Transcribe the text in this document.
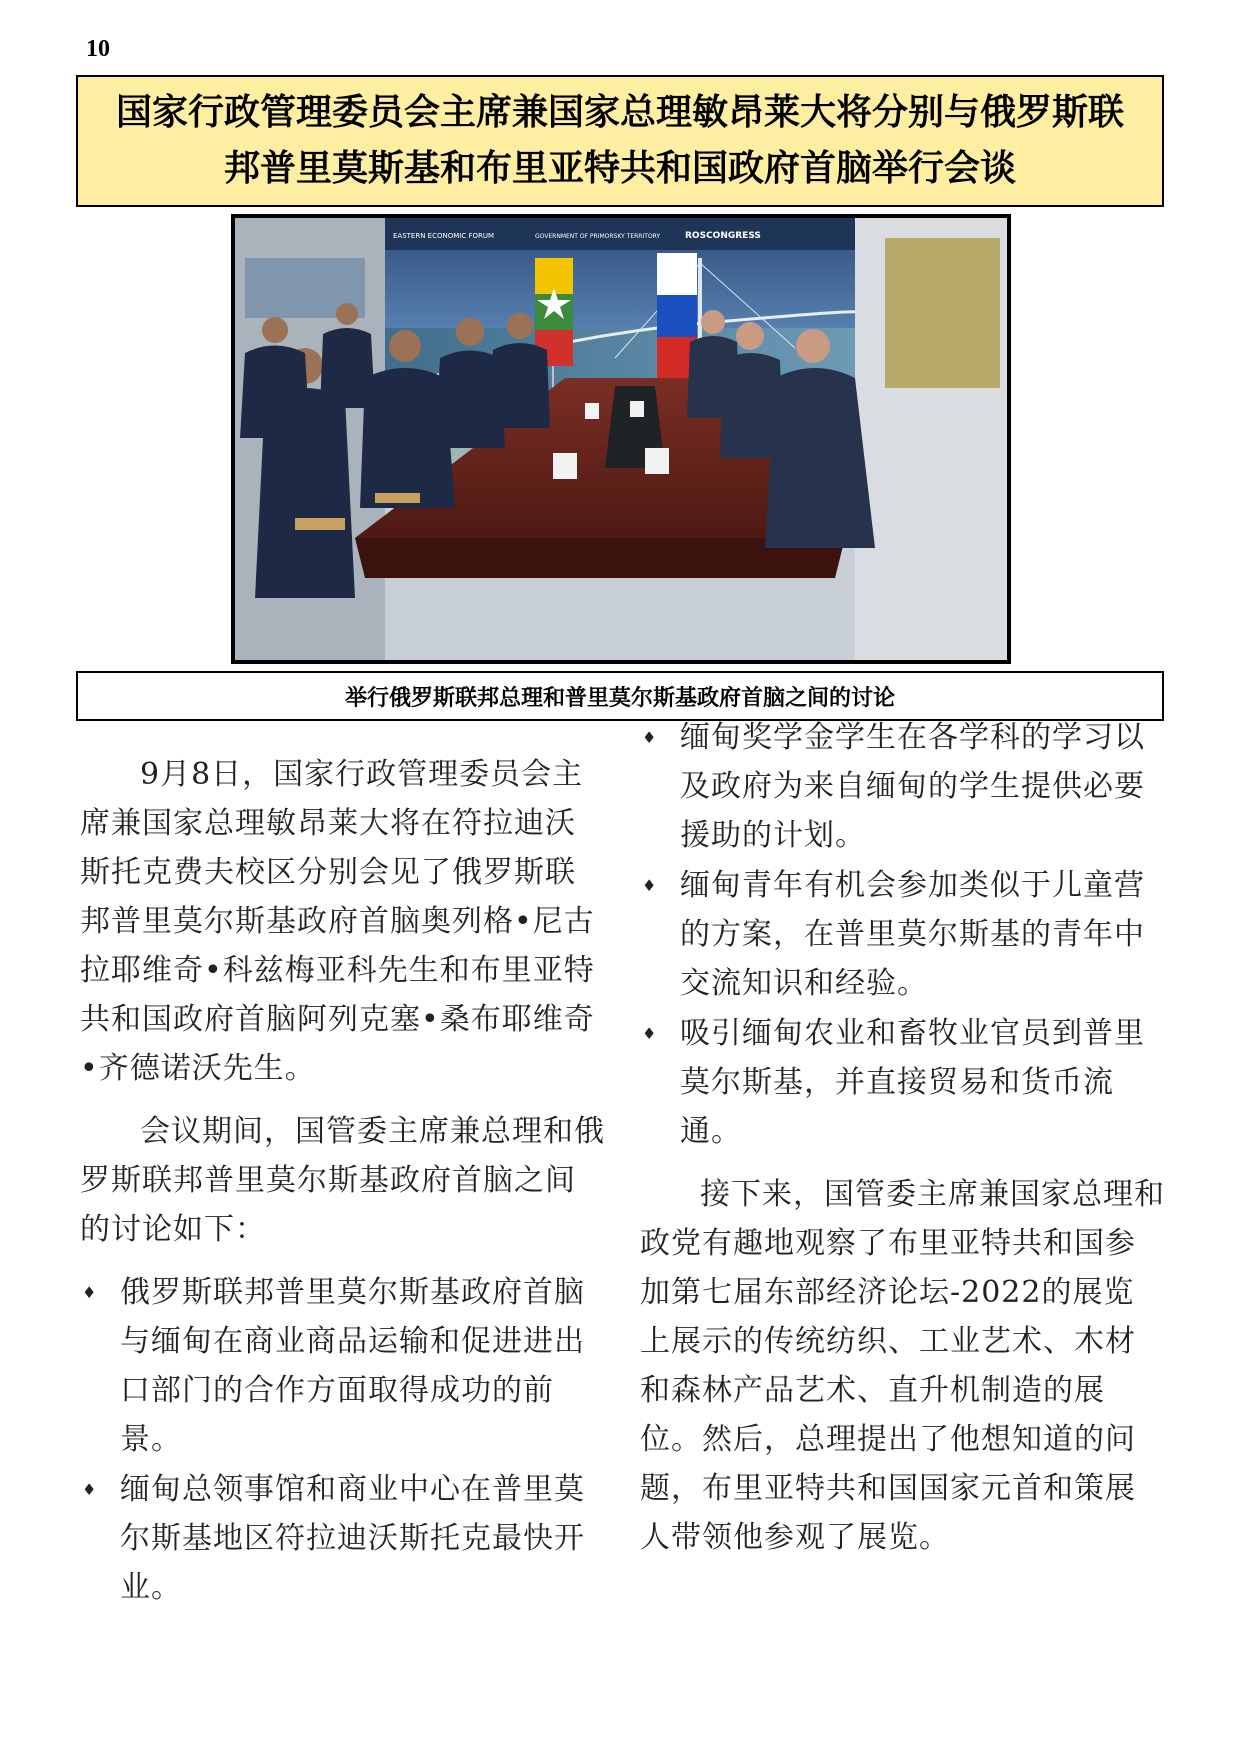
10
国家行政管理委员会主席兼国家总理敏昂莱大将分别与俄罗斯联
邦普里莫斯基和布里亚特共和国政府首脑举行会谈
EASTERN ECONOMIC FORUM	GOVERNMENT OF PRIMORSKY TERRITORY	ROSCONGRESS
举行俄罗斯联邦总理和普里莫尔斯基政府首脑之间的讨论

9月8日，国家行政管理委员会主席兼国家总理敏昂莱大将在符拉迪沃斯托克费夫校区分别会见了俄罗斯联邦普里莫尔斯基政府首脑奥列格•尼古拉耶维奇•科兹梅亚科先生和布里亚特共和国政府首脑阿列克塞•桑布耶维奇•齐德诺沃先生。

会议期间，国管委主席兼总理和俄罗斯联邦普里莫尔斯基政府首脑之间的讨论如下：

♦ 俄罗斯联邦普里莫尔斯基政府首脑与缅甸在商业商品运输和促进进出口部门的合作方面取得成功的前景。
♦ 缅甸总领事馆和商业中心在普里莫尔斯基地区符拉迪沃斯托克最快开业。
♦ 缅甸奖学金学生在各学科的学习以及政府为来自缅甸的学生提供必要援助的计划。
♦ 缅甸青年有机会参加类似于儿童营的方案，在普里莫尔斯基的青年中交流知识和经验。
♦ 吸引缅甸农业和畜牧业官员到普里莫尔斯基，并直接贸易和货币流通。

接下来，国管委主席兼国家总理和政党有趣地观察了布里亚特共和国参加第七届东部经济论坛-2022的展览上展示的传统纺织、工业艺术、木材和森林产品艺术、直升机制造的展位。然后，总理提出了他想知道的问题，布里亚特共和国国家元首和策展人带领他参观了展览。
